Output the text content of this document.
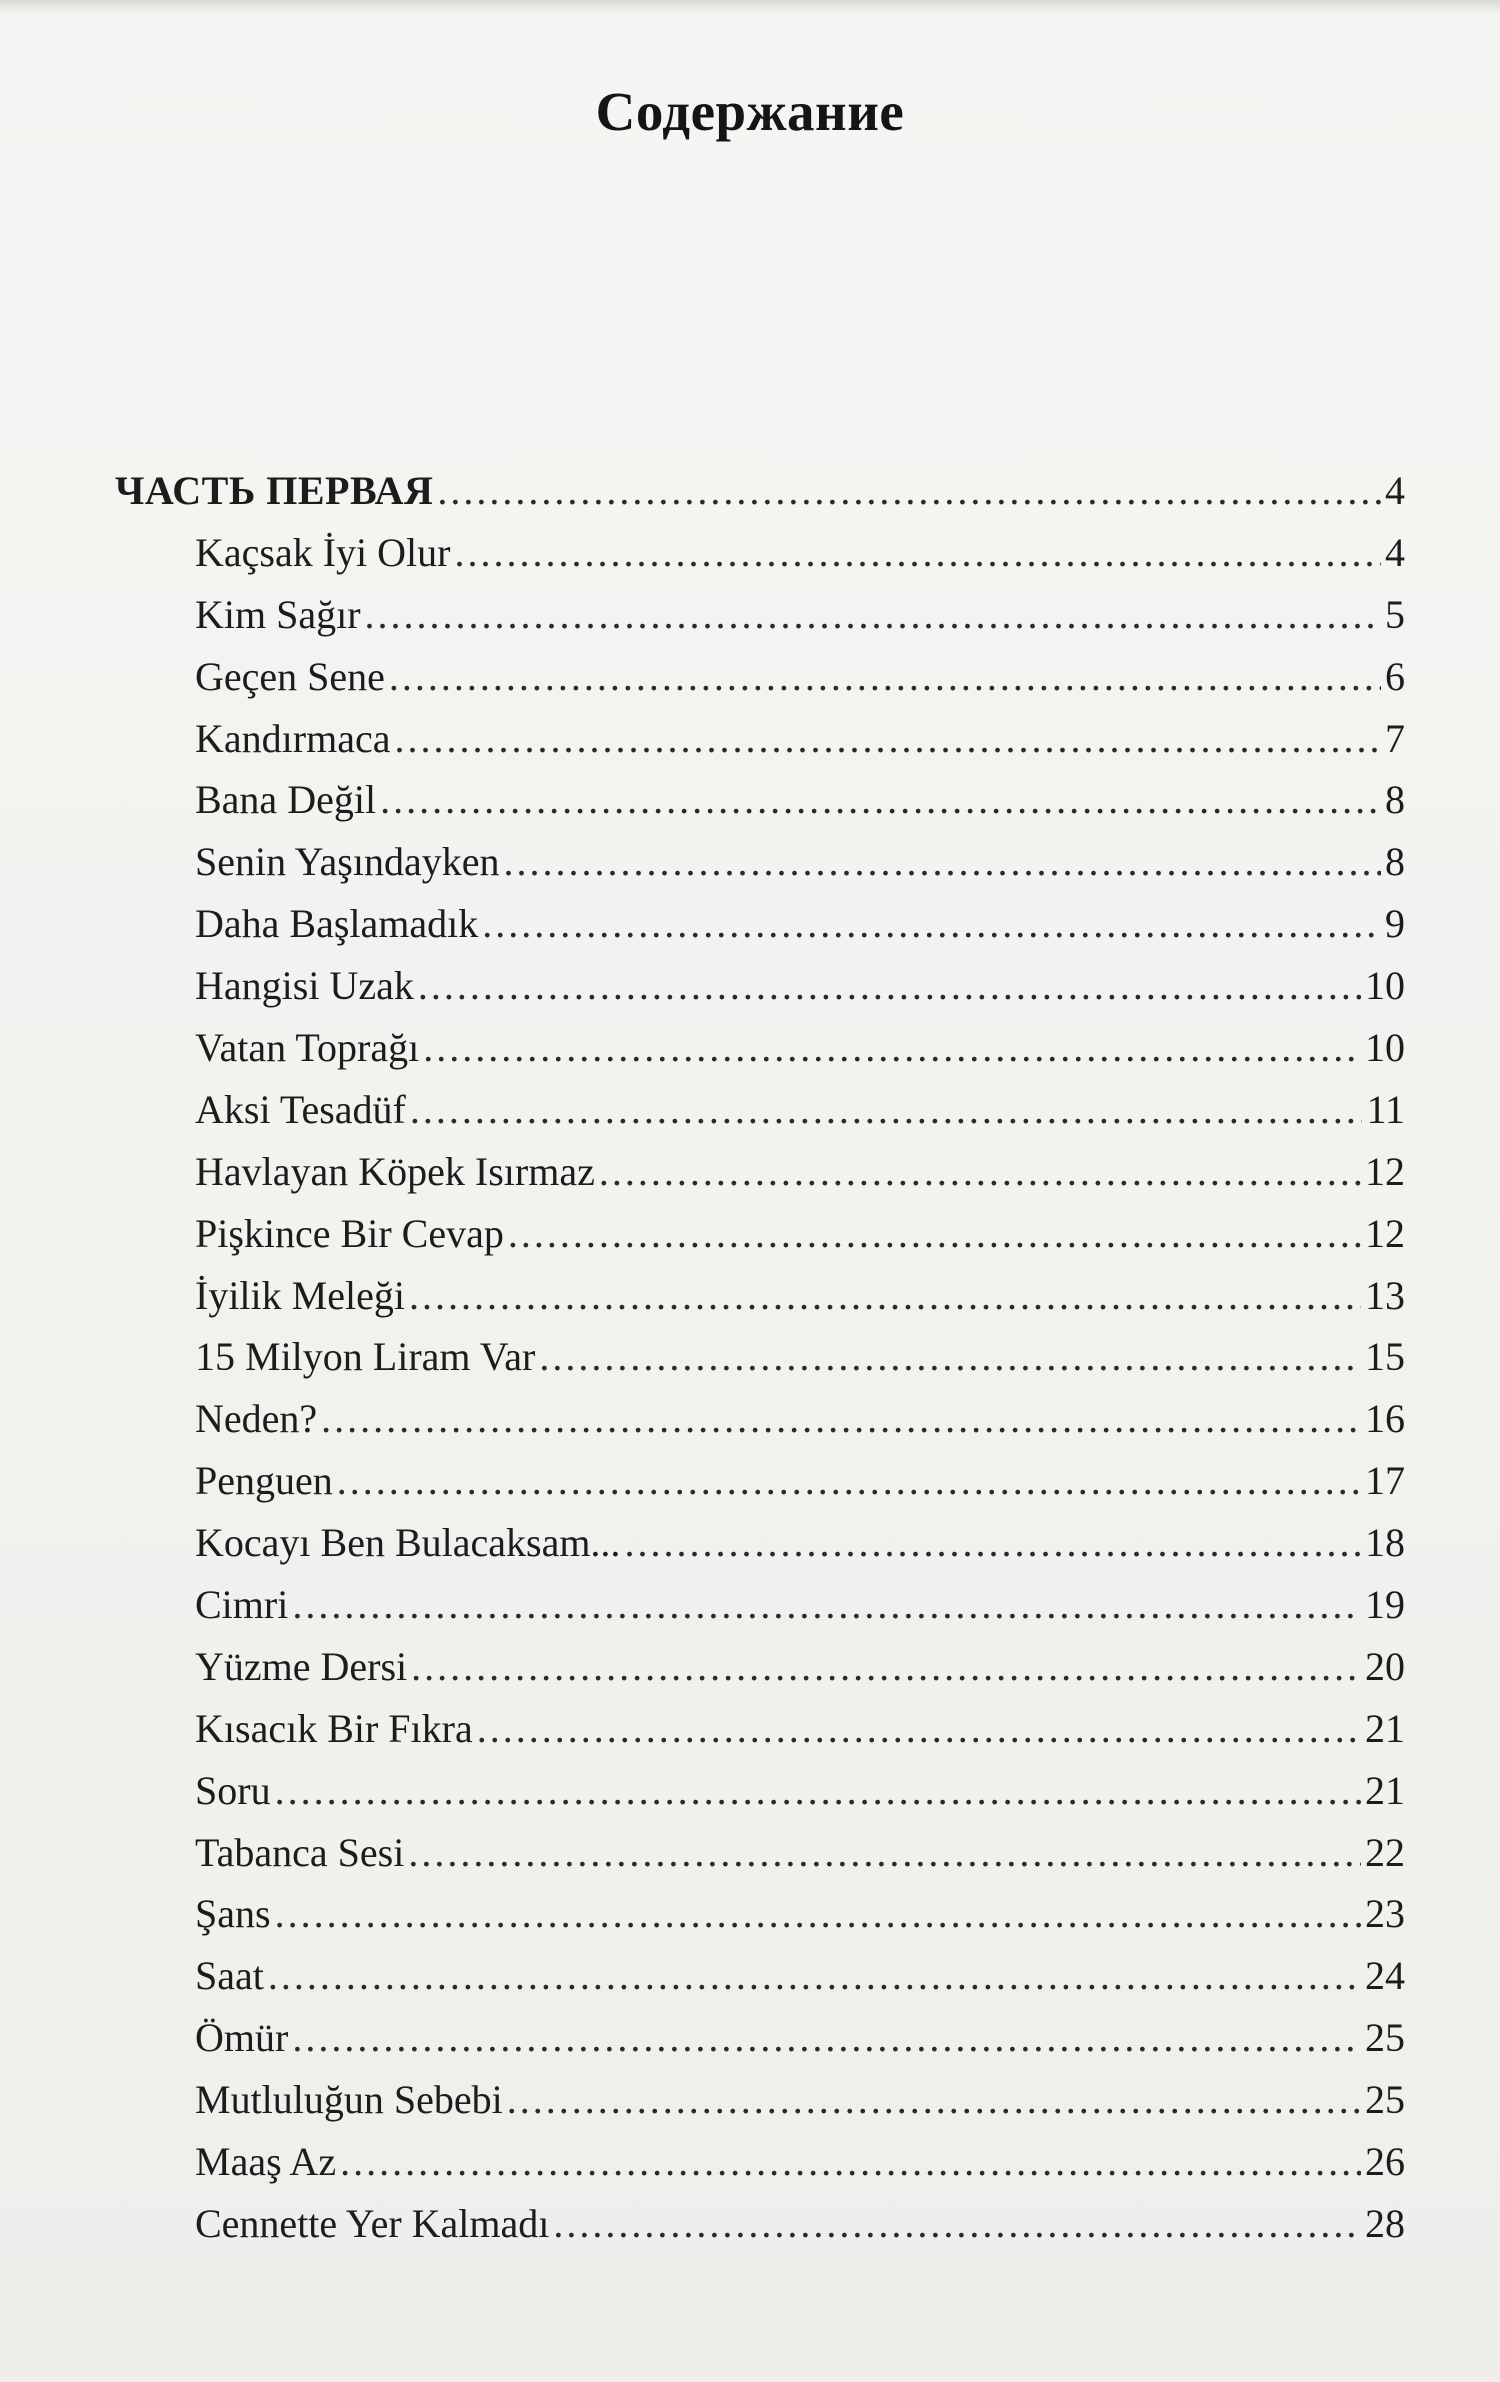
Содержание
ЧАСТЬ ПЕРВАЯ .....	4
Kaçsak İyi Olur .....	4
Kim Sağır .....	5
Geçen Sene .....	6
Kandırmaca .....	7
Bana Değil .....	8
Senin Yaşındayken .....	8
Daha Başlamadık .....	9
Hangisi Uzak .....	10
Vatan Toprağı .....	10
Aksi Tesadüf .....	11
Havlayan Köpek Isırmaz .....	12
Pişkince Bir Cevap .....	12
İyilik Meleği .....	13
15 Milyon Liram Var .....	15
Neden? .....	16
Penguen .....	17
Kocayı Ben Bulacaksam... .....	18
Cimri .....	19
Yüzme Dersi .....	20
Kısacık Bir Fıkra .....	21
Soru .....	21
Tabanca Sesi .....	22
Şans .....	23
Saat .....	24
Ömür .....	25
Mutluluğun Sebebi .....	25
Maaş Az .....	26
Cennette Yer Kalmadı .....	28
